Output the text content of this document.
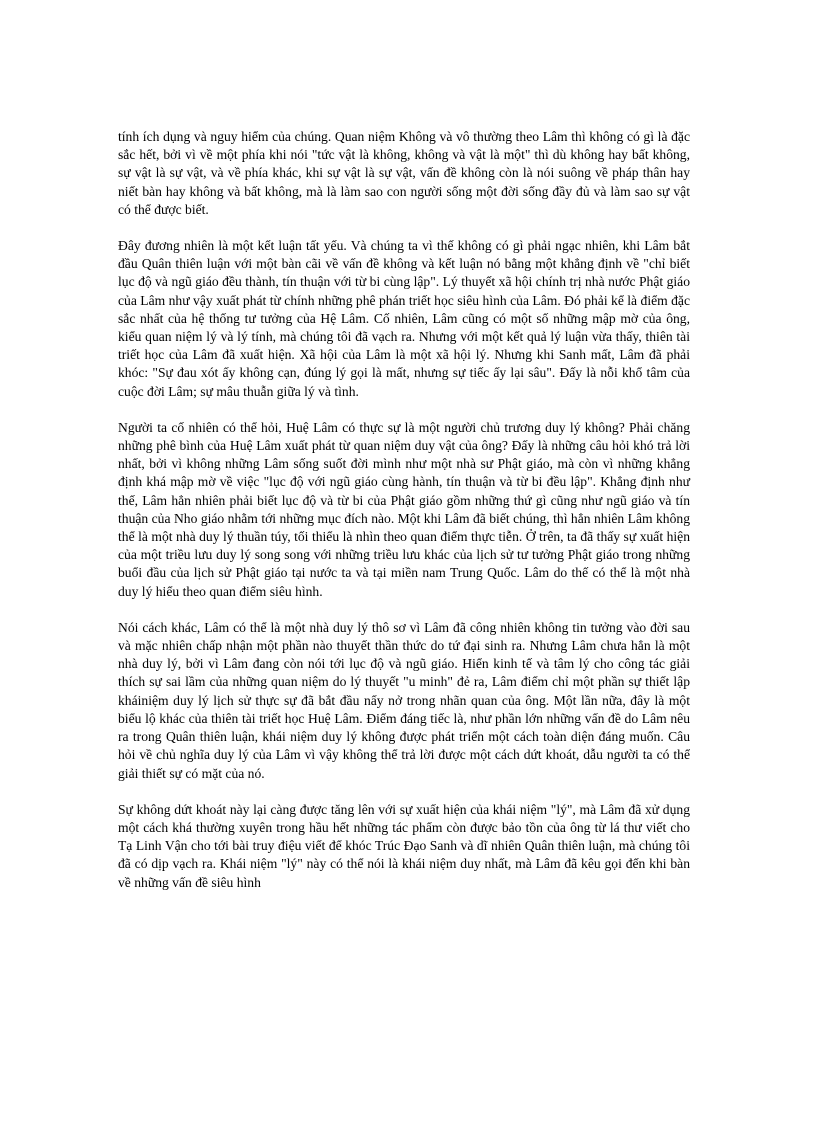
tính ích dụng và nguy hiểm của chúng. Quan niệm Không và vô thường theo Lâm thì không có gì là đặc sắc hết, bởi vì về một phía khi nói "tức vật là không, không và vật là một" thì dù không hay bất không, sự vật là sự vật, và về phía khác, khi sự vật là sự vật, vấn đề không còn là nói suông về pháp thân hay niết bàn hay không và bất không, mà là làm sao con người sống một đời sống đầy đủ và làm sao sự vật có thể được biết.

Đây đương nhiên là một kết luận tất yếu. Và chúng ta vì thế không có gì phải ngạc nhiên, khi Lâm bắt đầu Quân thiên luận với một bàn cãi về vấn đề không và kết luận nó bằng một khẳng định về "chỉ biết lục độ và ngũ giáo đều thành, tín thuận với từ bi cùng lập". Lý thuyết xã hội chính trị nhà nước Phật giáo của Lâm như vậy xuất phát từ chính những phê phán triết học siêu hình của Lâm. Đó phải kể là điểm đặc sắc nhất của hệ thống tư tưởng của Hệ Lâm. Cố nhiên, Lâm cũng có một số những mập mờ của ông, kiểu quan niệm lý và lý tính, mà chúng tôi đã vạch ra. Nhưng với một kết quả lý luận vừa thấy, thiên tài triết học của Lâm đã xuất hiện. Xã hội của Lâm là một xã hội lý. Nhưng khi Sanh mất, Lâm đã phải khóc: "Sự đau xót ấy không cạn, đúng lý gọi là mất, nhưng sự tiếc ấy lại sâu". Đấy là nỗi khổ tâm của cuộc đời Lâm; sự mâu thuẫn giữa lý và tình.

Người ta cố nhiên có thể hỏi, Huệ Lâm có thực sự là một người chủ trương duy lý không? Phải chăng những phê bình của Huệ Lâm xuất phát từ quan niệm duy vật của ông? Đấy là những câu hỏi khó trả lời nhất, bởi vì không những Lâm sống suốt đời mình như một nhà sư Phật giáo, mà còn vì những khẳng định khá mập mờ về việc "lục độ với ngũ giáo cùng hành, tín thuận và từ bi đều lập". Khẳng định như thế, Lâm hẳn nhiên phải biết lục độ và từ bi của Phật giáo gồm những thứ gì cũng như ngũ giáo và tín thuận của Nho giáo nhằm tới những mục đích nào. Một khi Lâm đã biết chúng, thì hẳn nhiên Lâm không thể là một nhà duy lý thuần túy, tối thiểu là nhìn theo quan điểm thực tiễn. Ở trên, ta đã thấy sự xuất hiện của một triều lưu duy lý song song với những triều lưu khác của lịch sử tư tưởng Phật giáo trong những buổi đầu của lịch sử Phật giáo tại nước ta và tại miền nam Trung Quốc. Lâm do thế có thể là một nhà duy lý hiểu theo quan điểm siêu hình.

Nói cách khác, Lâm có thể là một nhà duy lý thô sơ vì Lâm đã công nhiên không tin tưởng vào đời sau và mặc nhiên chấp nhận một phần nào thuyết thần thức do tứ đại sinh ra. Nhưng Lâm chưa hẳn là một nhà duy lý, bởi vì Lâm đang còn nói tới lục độ và ngũ giáo. Hiển kinh tế và tâm lý cho công tác giải thích sự sai lầm của những quan niệm do lý thuyết "u minh" đẻ ra, Lâm điểm chỉ một phần sự thiết lập kháiniệm duy lý lịch sử thực sự đã bắt đầu nẩy nở trong nhãn quan của ông. Một lần nữa, đây là một biểu lộ khác của thiên tài triết học Huệ Lâm. Điểm đáng tiếc là, như phần lớn những vấn đề do Lâm nêu ra trong Quân thiên luận, khái niệm duy lý không được phát triển một cách toàn diện đáng muốn. Câu hỏi về chủ nghĩa duy lý của Lâm vì vậy không thể trả lời được một cách dứt khoát, dẫu người ta có thể giải thiết sự có mặt của nó.

Sự không dứt khoát này lại càng được tăng lên với sự xuất hiện của khái niệm "lý", mà Lâm đã xử dụng một cách khá thường xuyên trong hầu hết những tác phẩm còn được bảo tồn của ông từ lá thư viết cho Tạ Linh Vận cho tới bài truy điệu viết để khóc Trúc Đạo Sanh và dĩ nhiên Quân thiên luận, mà chúng tôi đã có dịp vạch ra. Khái niệm "lý" này có thể nói là khái niệm duy nhất, mà Lâm đã kêu gọi đến khi bàn về những vấn đề siêu hình
